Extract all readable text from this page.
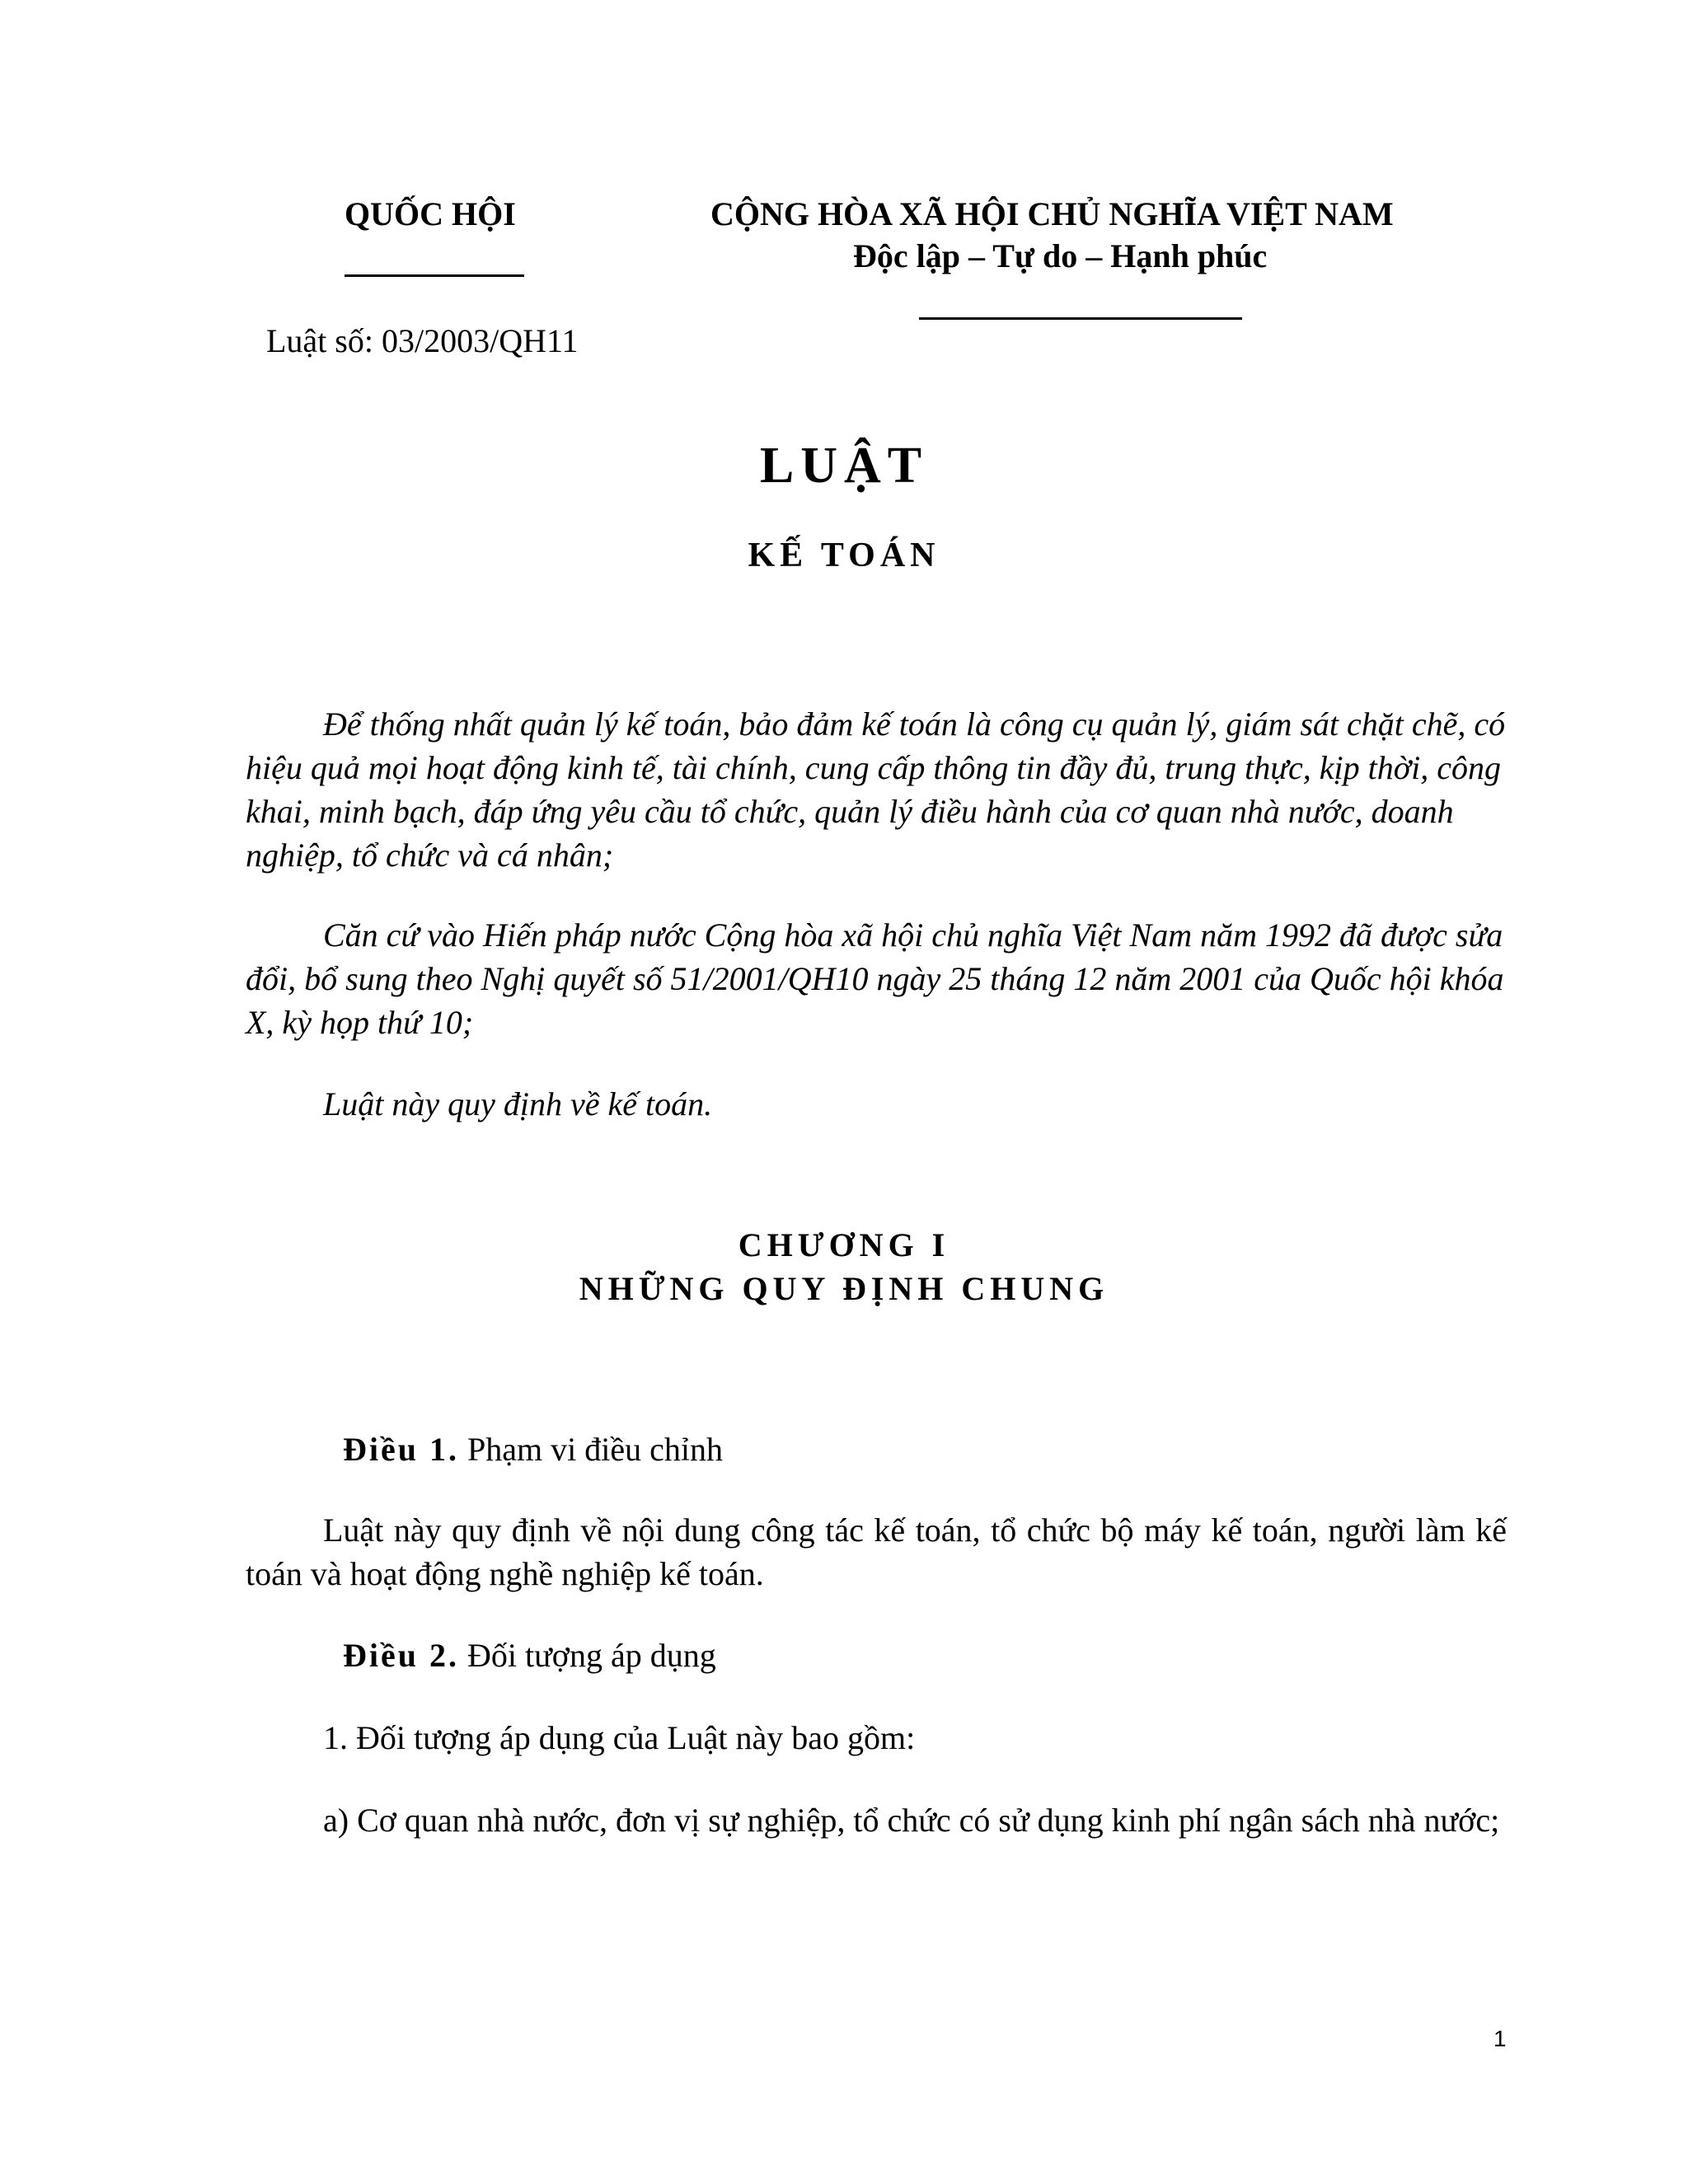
QUỐC HỘI
Luật số: 03/2003/QH11
CỘNG HÒA XÃ HỘI CHỦ NGHĨA VIỆT NAM
Độc lập – Tự do – Hạnh phúc
LUẬT
KẾ TOÁN

Để thống nhất quản lý kế toán, bảo đảm kế toán là công cụ quản lý, giám sát chặt chẽ, có hiệu quả mọi hoạt động kinh tế, tài chính, cung cấp thông tin đầy đủ, trung thực, kịp thời, công khai, minh bạch, đáp ứng yêu cầu tổ chức, quản lý điều hành của cơ quan nhà nước, doanh nghiệp, tổ chức và cá nhân;

Căn cứ vào Hiến pháp nước Cộng hòa xã hội chủ nghĩa Việt Nam năm 1992 đã được sửa đổi, bổ sung theo Nghị quyết số 51/2001/QH10 ngày 25 tháng 12 năm 2001 của Quốc hội khóa X, kỳ họp thứ 10;

Luật này quy định về kế toán.

CHƯƠNG I
NHỮNG QUY ĐỊNH CHUNG
Điều 1. Phạm vi điều chỉnh

Luật này quy định về nội dung công tác kế toán, tổ chức bộ máy kế toán, người làm kế toán và hoạt động nghề nghiệp kế toán.

Điều 2. Đối tượng áp dụng

1. Đối tượng áp dụng của Luật này bao gồm:

a) Cơ quan nhà nước, đơn vị sự nghiệp, tổ chức có sử dụng kinh phí ngân sách nhà nước;

1
